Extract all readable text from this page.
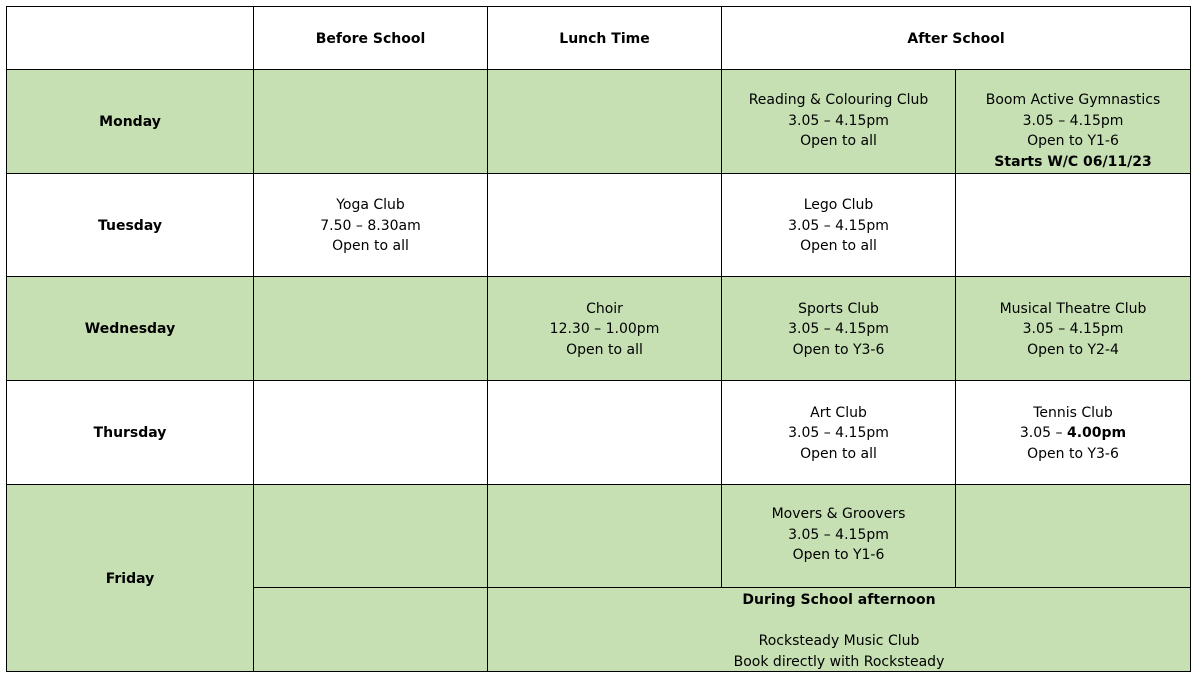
Before School	Lunch Time	After School
Monday
Reading & Colouring Club
3.05 – 4.15pm
Open to all
Boom Active Gymnastics
3.05 – 4.15pm
Open to Y1-6
Starts W/C 06/11/23
Tuesday
Yoga Club
7.50 – 8.30am
Open to all
Lego Club
3.05 – 4.15pm
Open to all
Wednesday
Choir
12.30 – 1.00pm
Open to all
Sports Club
3.05 – 4.15pm
Open to Y3-6
Musical Theatre Club
3.05 – 4.15pm
Open to Y2-4
Thursday
Art Club
3.05 – 4.15pm
Open to all
Tennis Club
3.05 – 4.00pm
Open to Y3-6
Friday
Movers & Groovers
3.05 – 4.15pm
Open to Y1-6
During School afternoon

Rocksteady Music Club
Book directly with Rocksteady
